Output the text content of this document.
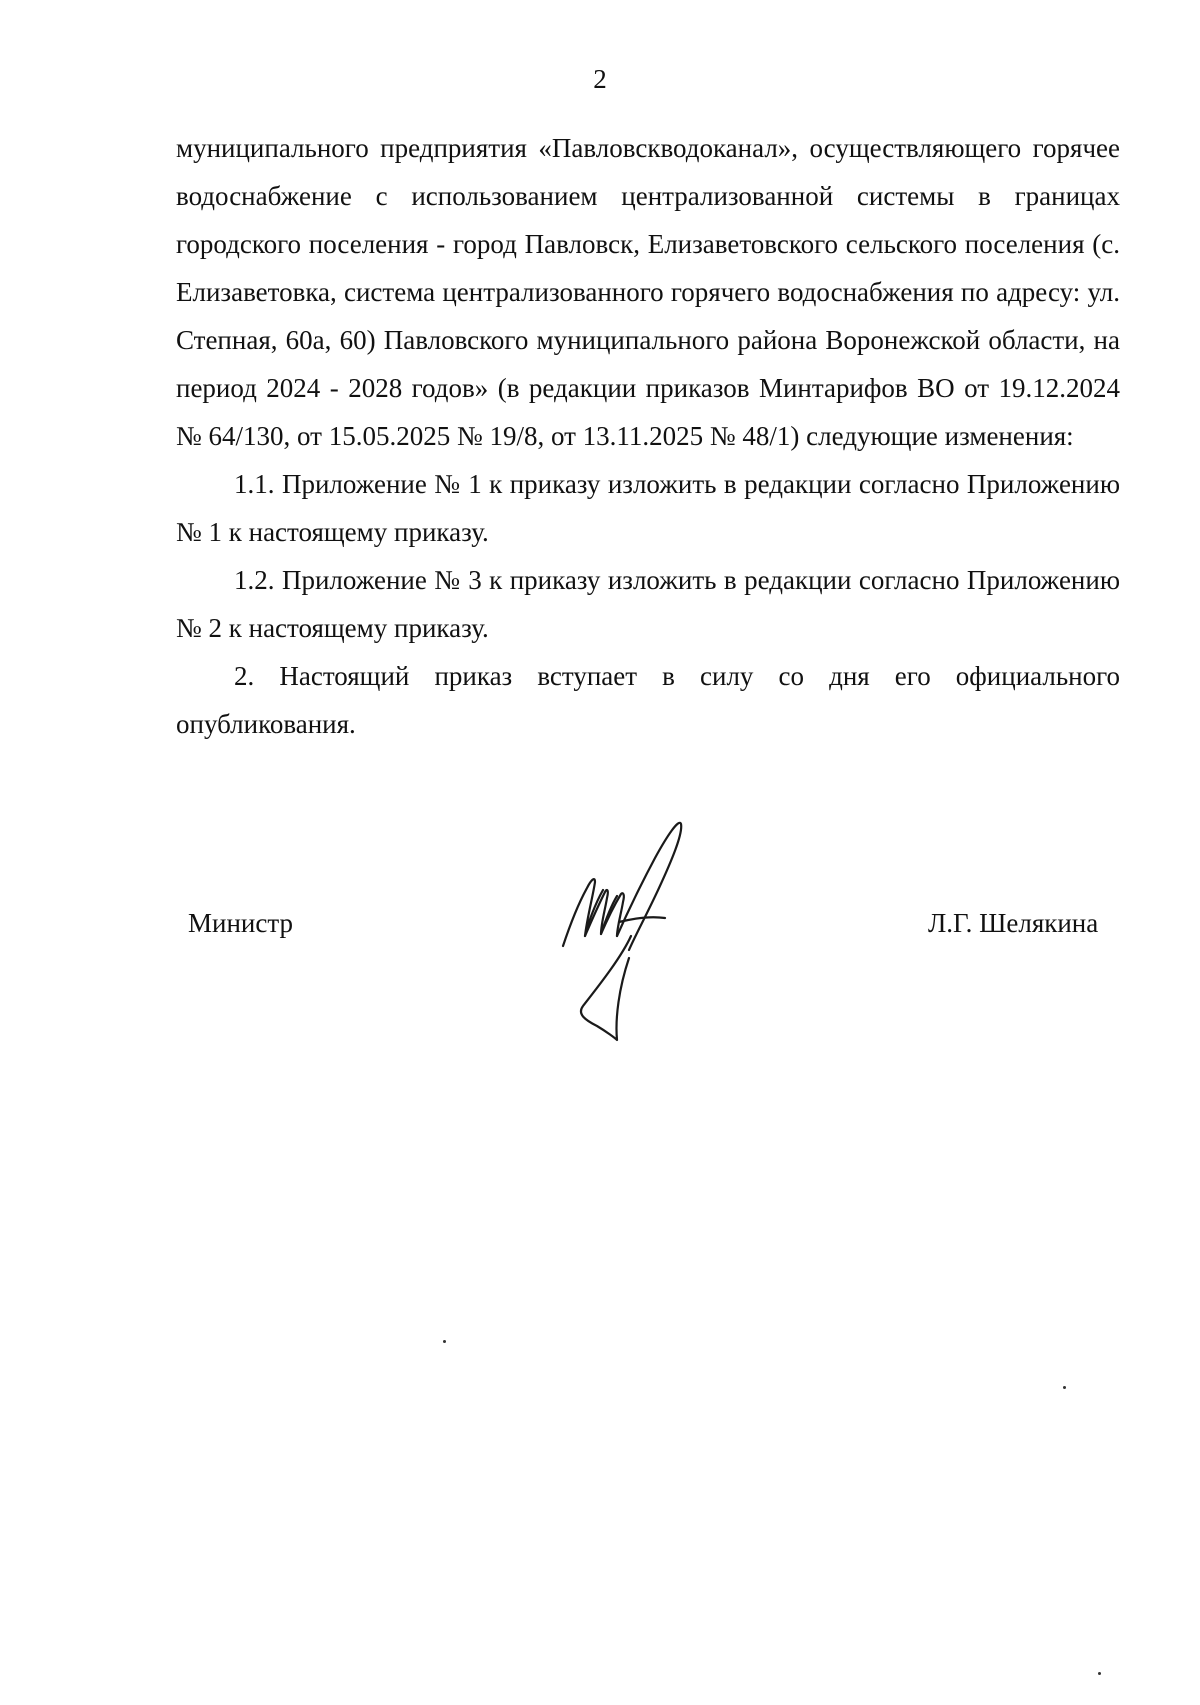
2

муниципального предприятия «Павловскводоканал», осуществляющего горячее водоснабжение с использованием централизованной системы в границах городского поселения - город Павловск, Елизаветовского сельского поселения (с. Елизаветовка, система централизованного горячего водоснабжения по адресу: ул. Степная, 60а, 60) Павловского муниципального района Воронежской области, на период 2024 - 2028 годов» (в редакции приказов Минтарифов ВО от 19.12.2024 № 64/130, от 15.05.2025 № 19/8, от 13.11.2025 № 48/1) следующие изменения:

1.1. Приложение № 1 к приказу изложить в редакции согласно Приложению № 1 к настоящему приказу.

1.2. Приложение № 3 к приказу изложить в редакции согласно Приложению № 2 к настоящему приказу.

2. Настоящий приказ вступает в силу со дня его официального опубликования.

Министр	Л.Г. Шелякина
